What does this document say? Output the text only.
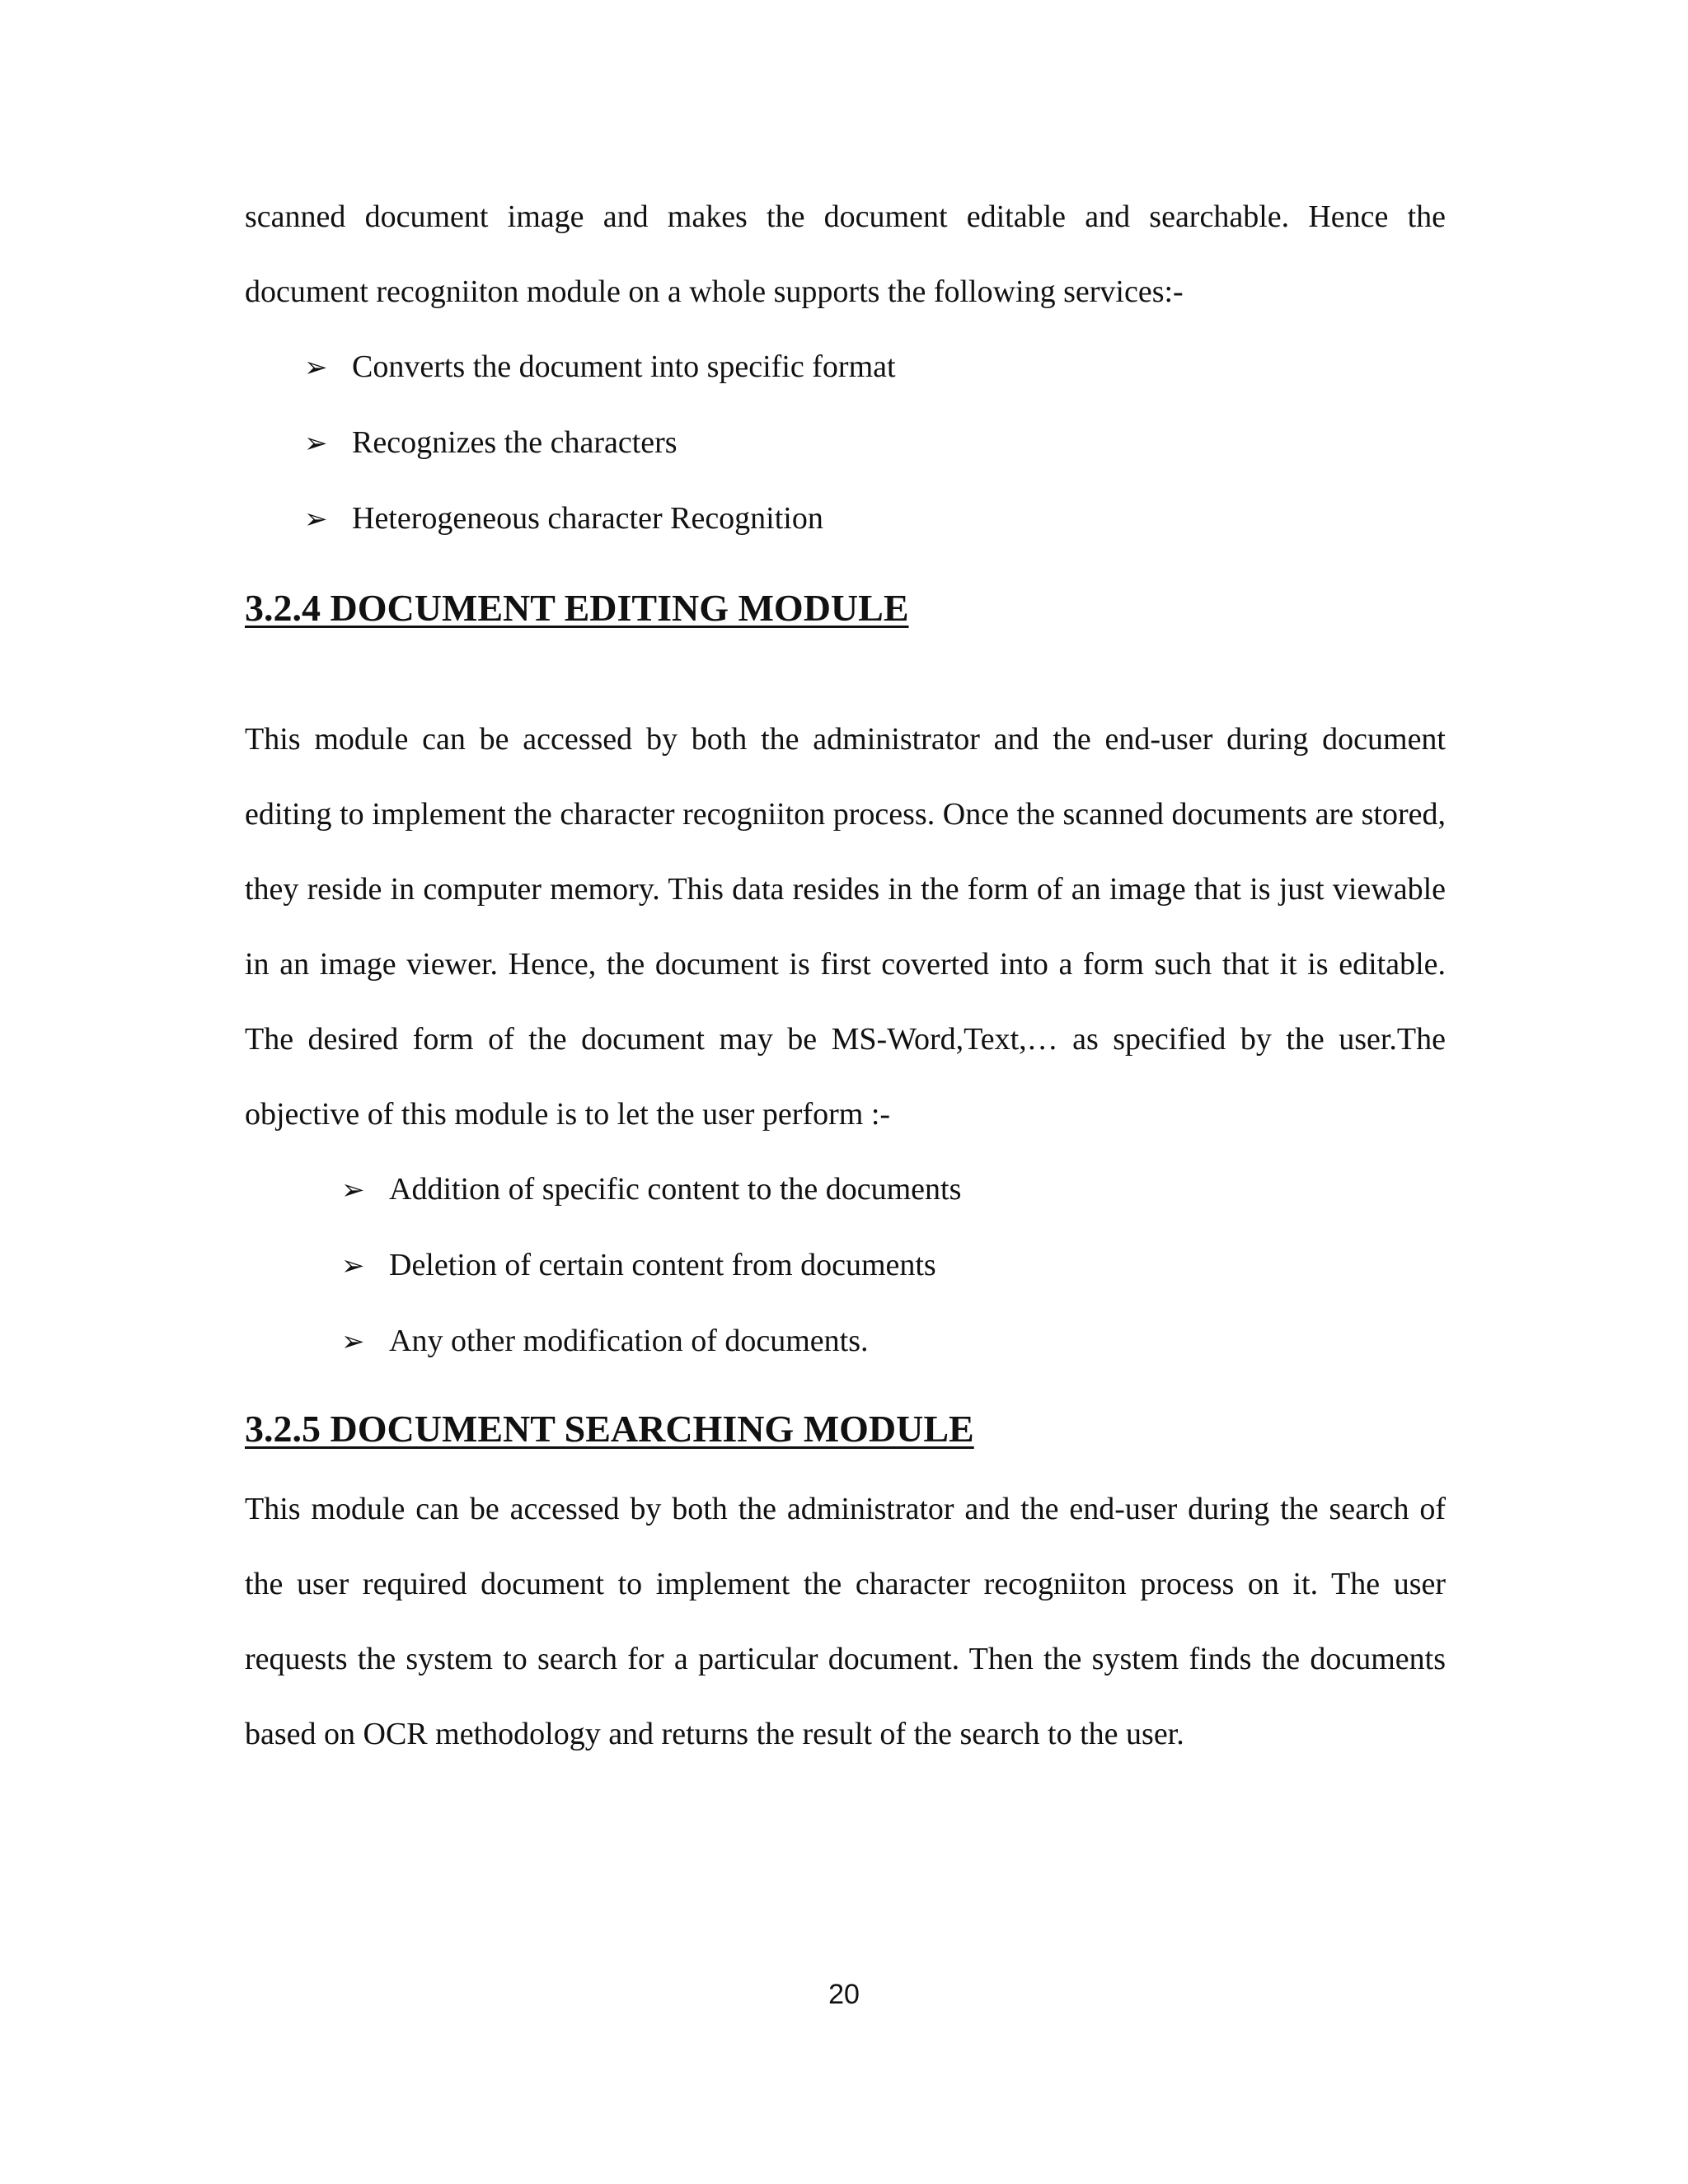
scanned document image and makes the document editable and searchable. Hence the document recogniiton module on a whole supports the following services:-

➢ Converts the document into specific format
➢ Recognizes the characters
➢ Heterogeneous character Recognition
3.2.4 DOCUMENT EDITING MODULE

This module can be accessed by both the administrator and the end-user during document editing to implement the character recogniiton process. Once the scanned documents are stored, they reside in computer memory. This data resides in the form of an image that is just viewable in an image viewer. Hence, the document is first coverted into a form such that it is editable. The desired form of the document may be MS-Word,Text,… as specified by the user.The objective of this module is to let the user perform :-

➢ Addition of specific content to the documents
➢ Deletion of certain content from documents
➢ Any other modification of documents.
3.2.5 DOCUMENT SEARCHING MODULE

This module can be accessed by both the administrator and the end-user during the search of the user required document to implement the character recogniiton process on it. The user requests the system to search for a particular document. Then the system finds the documents based on OCR methodology and returns the result of the search to the user.

20
